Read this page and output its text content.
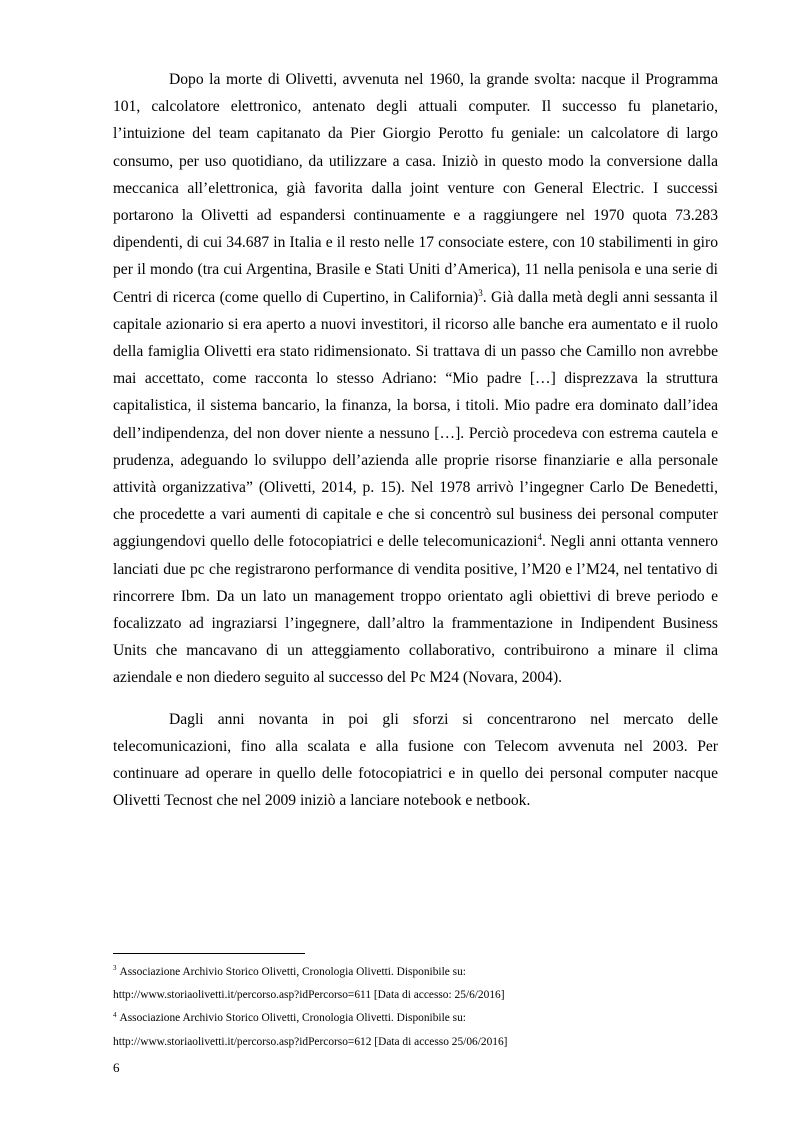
Dopo la morte di Olivetti, avvenuta nel 1960, la grande svolta: nacque il Programma 101, calcolatore elettronico, antenato degli attuali computer. Il successo fu planetario, l’intuizione del team capitanato da Pier Giorgio Perotto fu geniale: un calcolatore di largo consumo, per uso quotidiano, da utilizzare a casa. Iniziò in questo modo la conversione dalla meccanica all’elettronica, già favorita dalla joint venture con General Electric. I successi portarono la Olivetti ad espandersi continuamente e a raggiungere nel 1970 quota 73.283 dipendenti, di cui 34.687 in Italia e il resto nelle 17 consociate estere, con 10 stabilimenti in giro per il mondo (tra cui Argentina, Brasile e Stati Uniti d’America), 11 nella penisola e una serie di Centri di ricerca (come quello di Cupertino, in California)$^3$. Già dalla metà degli anni sessanta il capitale azionario si era aperto a nuovi investitori, il ricorso alle banche era aumentato e il ruolo della famiglia Olivetti era stato ridimensionato. Si trattava di un passo che Camillo non avrebbe mai accettato, come racconta lo stesso Adriano: “Mio padre […] disprezzava la struttura capitalistica, il sistema bancario, la finanza, la borsa, i titoli. Mio padre era dominato dall’idea dell’indipendenza, del non dover niente a nessuno […]. Perciò procedeva con estrema cautela e prudenza, adeguando lo sviluppo dell’azienda alle proprie risorse finanziarie e alla personale attività organizzativa” (Olivetti, 2014, p. 15). Nel 1978 arrivò l’ingegner Carlo De Benedetti, che procedette a vari aumenti di capitale e che si concentrò sul business dei personal computer aggiungendovi quello delle fotocopiatrici e delle telecomunicazioni$^4$. Negli anni ottanta vennero lanciati due pc che registrarono performance di vendita positive, l’M20 e l’M24, nel tentativo di rincorrere Ibm. Da un lato un management troppo orientato agli obiettivi di breve periodo e focalizzato ad ingraziarsi l’ingegnere, dall’altro la frammentazione in Indipendent Business Units che mancavano di un atteggiamento collaborativo, contribuirono a minare il clima aziendale e non diedero seguito al successo del Pc M24 (Novara, 2004).

Dagli anni novanta in poi gli sforzi si concentrarono nel mercato delle telecomunicazioni, fino alla scalata e alla fusione con Telecom avvenuta nel 2003. Per continuare ad operare in quello delle fotocopiatrici e in quello dei personal computer nacque Olivetti Tecnost che nel 2009 iniziò a lanciare notebook e netbook.

$^3$ Associazione Archivio Storico Olivetti, Cronologia Olivetti. Disponibile su:

http://www.storiaolivetti.it/percorso.asp?idPercorso=611 [Data di accesso: 25/6/2016]

$^4$ Associazione Archivio Storico Olivetti, Cronologia Olivetti. Disponibile su:

http://www.storiaolivetti.it/percorso.asp?idPercorso=612 [Data di accesso 25/06/2016]

6
